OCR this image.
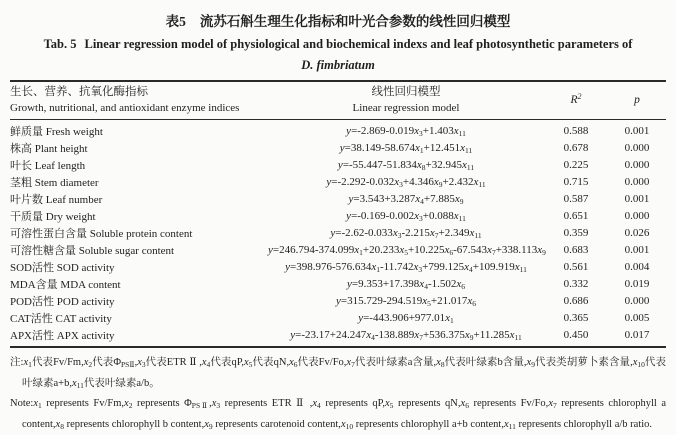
表5 流苏石斛生理生化指标和叶光合参数的线性回归模型
Tab. 5 Linear regression model of physiological and biochemical indexs and leaf photosynthetic parameters of
D. fimbriatum
生长、营养、抗氧化酶指标
Growth, nutritional, and antioxidant enzyme indices
线性回归模型
Linear regression model
$R^2$	p
鲜质量 Fresh weight	$y=-2.869-0.019x_3+1.403x_{11}$	0.588	0.001
株高 Plant height	$y=38.149-58.674x_1+12.451x_{11}$	0.678	0.000
叶长 Leaf length	$y=-55.447-51.834x_8+32.945x_{11}$	0.225	0.000
茎粗 Stem diameter	$y=-2.292-0.032x_3+4.346x_9+2.432x_{11}$	0.715	0.000
叶片数 Leaf number	$y=3.543+3.287x_4+7.885x_9$	0.587	0.001
干质量 Dry weight	$y=-0.169-0.002x_3+0.088x_{11}$	0.651	0.000
可溶性蛋白含量 Soluble protein content	$y=-2.62-0.033x_3-2.215x_7+2.349x_{11}$	0.359	0.026
可溶性糖含量 Soluble sugar content	$y=246.794-374.099x_1+20.233x_5+10.225x_6-67.543x_7+338.113x_9$	0.683	0.001
SOD活性 SOD activity	$y=398.976-576.634x_1-11.742x_3+799.125x_4+109.919x_{11}$	0.561	0.004
MDA含量 MDA content	$y=9.353+17.398x_4-1.502x_6$	0.332	0.019
POD活性 POD activity	$y=315.729-294.519x_5+21.017x_6$	0.686	0.000
CAT活性 CAT activity	$y=-443.906+977.01x_1$	0.365	0.005
APX活性 APX activity	$y=-23.17+24.247x_4-138.889x_7+536.375x_9+11.285x_{11}$	0.450	0.017
注$:x_1$代表$Fv/Fm,x_2$代表$\Phi_{PSⅡ},x_3$代表ETR Ⅱ $,x_4$代表$qP,x_5$代表$qN,x_6$代表$Fv/Fo,x_7$代表叶绿素a含量$,x_8$代表叶绿素b含量$,x_9$代表类胡萝卜素含量$,x_{10}$代表叶绿素$a+b,x_{11}$代表叶绿素a/b。
$Note:x_1$ represents $Fv/Fm,x_2$ represents $\Phi_{PSⅡ},x_3$ represents ETR Ⅱ $,x_4$ represents $qP,x_5$ represents $qN,x_6$ represents $Fv/Fo,x_7$ represents chlorophyll a $content,x_8$ represents chlorophyll b $content,x_9$ represents carotenoid $content,x_{10}$ represents chlorophyll a+b $content,x_{11}$ represents chlorophyll a/b ratio.
